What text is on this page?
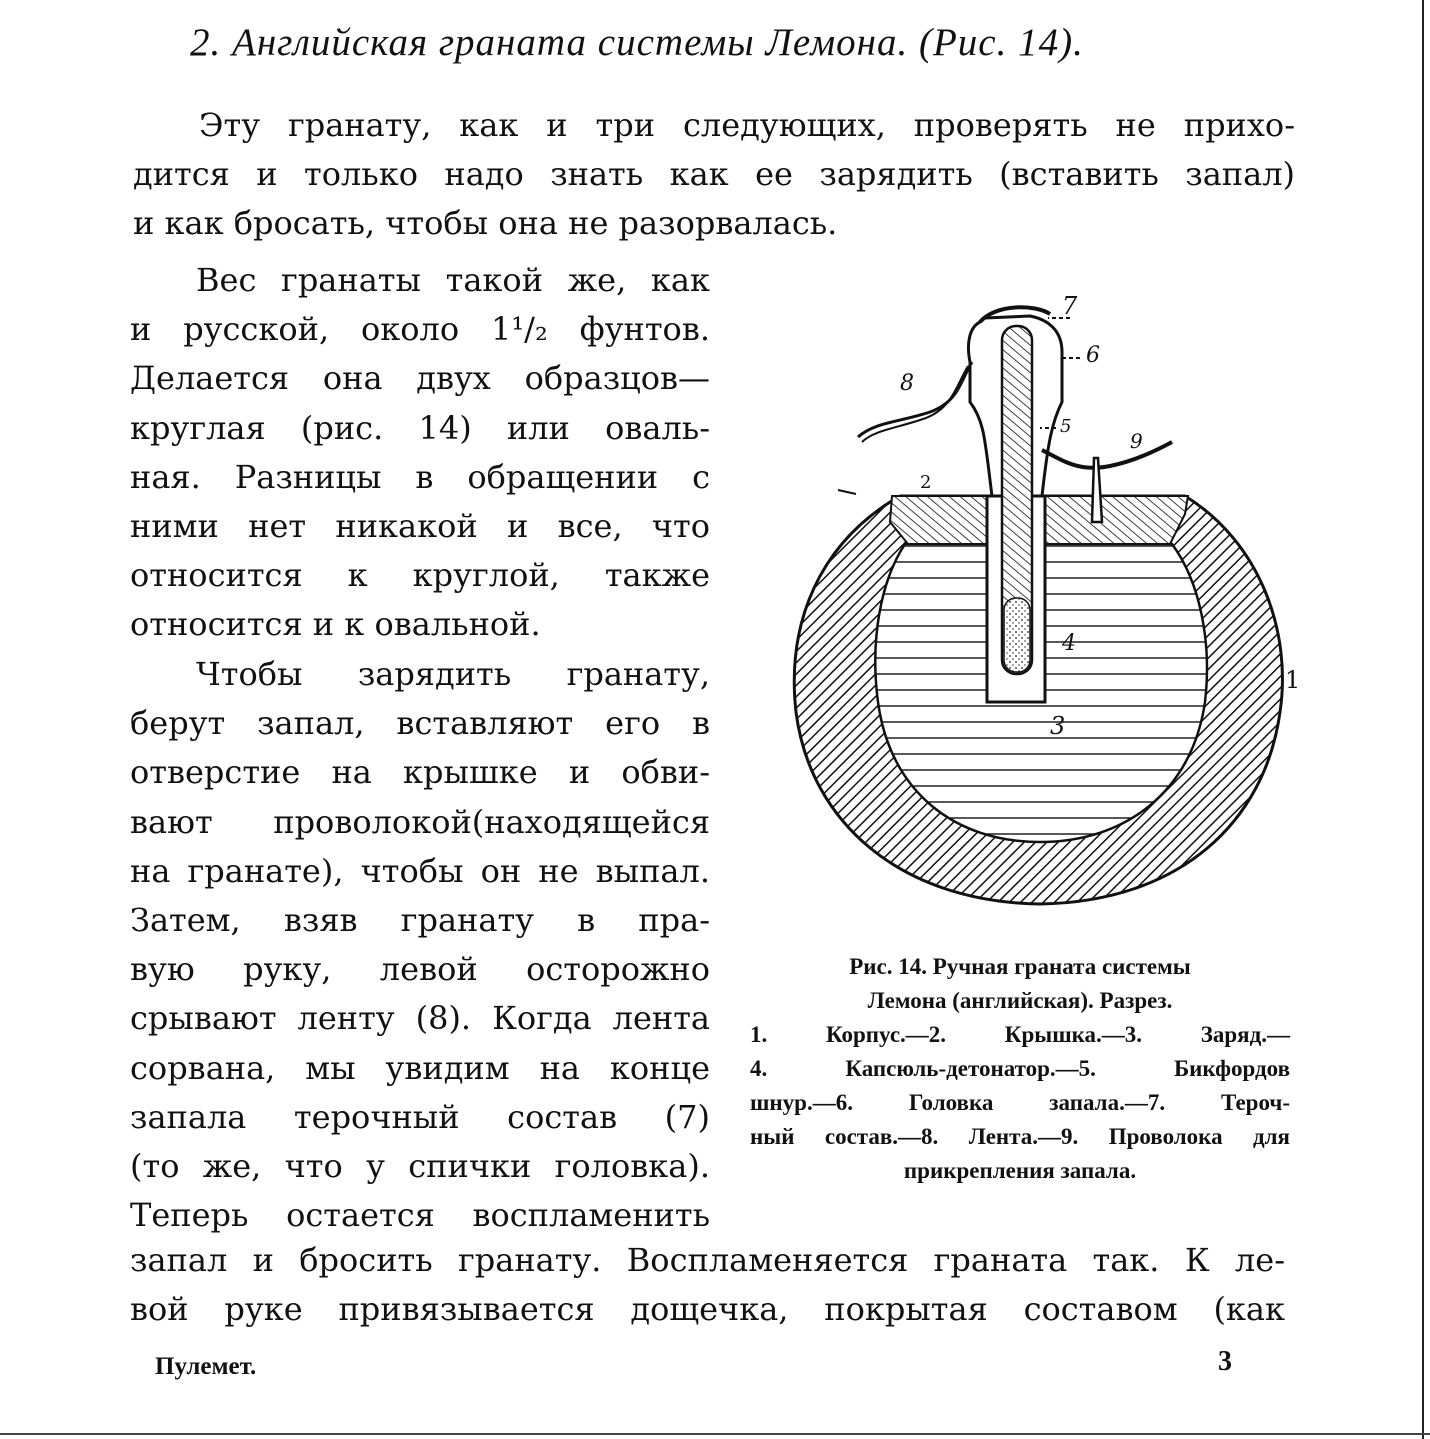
2. Английская граната системы Лемона. (Рис. 14).
Эту гранату, как и три следующих, проверять не прихо-
дится и только надо знать как ее зарядить (вставить запал)
и как бросать, чтобы она не разорвалась.
Вес гранаты такой же, как
и русской, около 1¹/₂ фунтов.
Делается она двух образцов—
круглая (рис. 14) или оваль-
ная. Разницы в обращении с
ними нет никакой и все, что
относится к круглой, также
относится и к овальной.
Чтобы зарядить гранату,
берут запал, вставляют его в
отверстие на крышке и обви-
вают проволокой(находящейся
на гранате), чтобы он не выпал.
Затем, взяв гранату в пра-
вую руку, левой осторожно
срывают ленту (8). Когда лента
сорвана, мы увидим на конце
запала терочный состав (7)
(то же, что у спички головка).
Теперь остается воспламенить
запал и бросить гранату. Воспламеняется граната так. К ле-
вой руке привязывается дощечка, покрытая составом (как
1
2
3
4
5
6
7
8
9
Рис. 14. Ручная граната системы
Лемона (английская). Разрез.
1. Корпус.—2. Крышка.—3. Заряд.—
4. Капсюль-детонатор.—5. Бикфордов
шнур.—6. Головка запала.—7. Тероч-
ный состав.—8. Лента.—9. Проволока для
прикрепления запала.
Пулемет.	3
